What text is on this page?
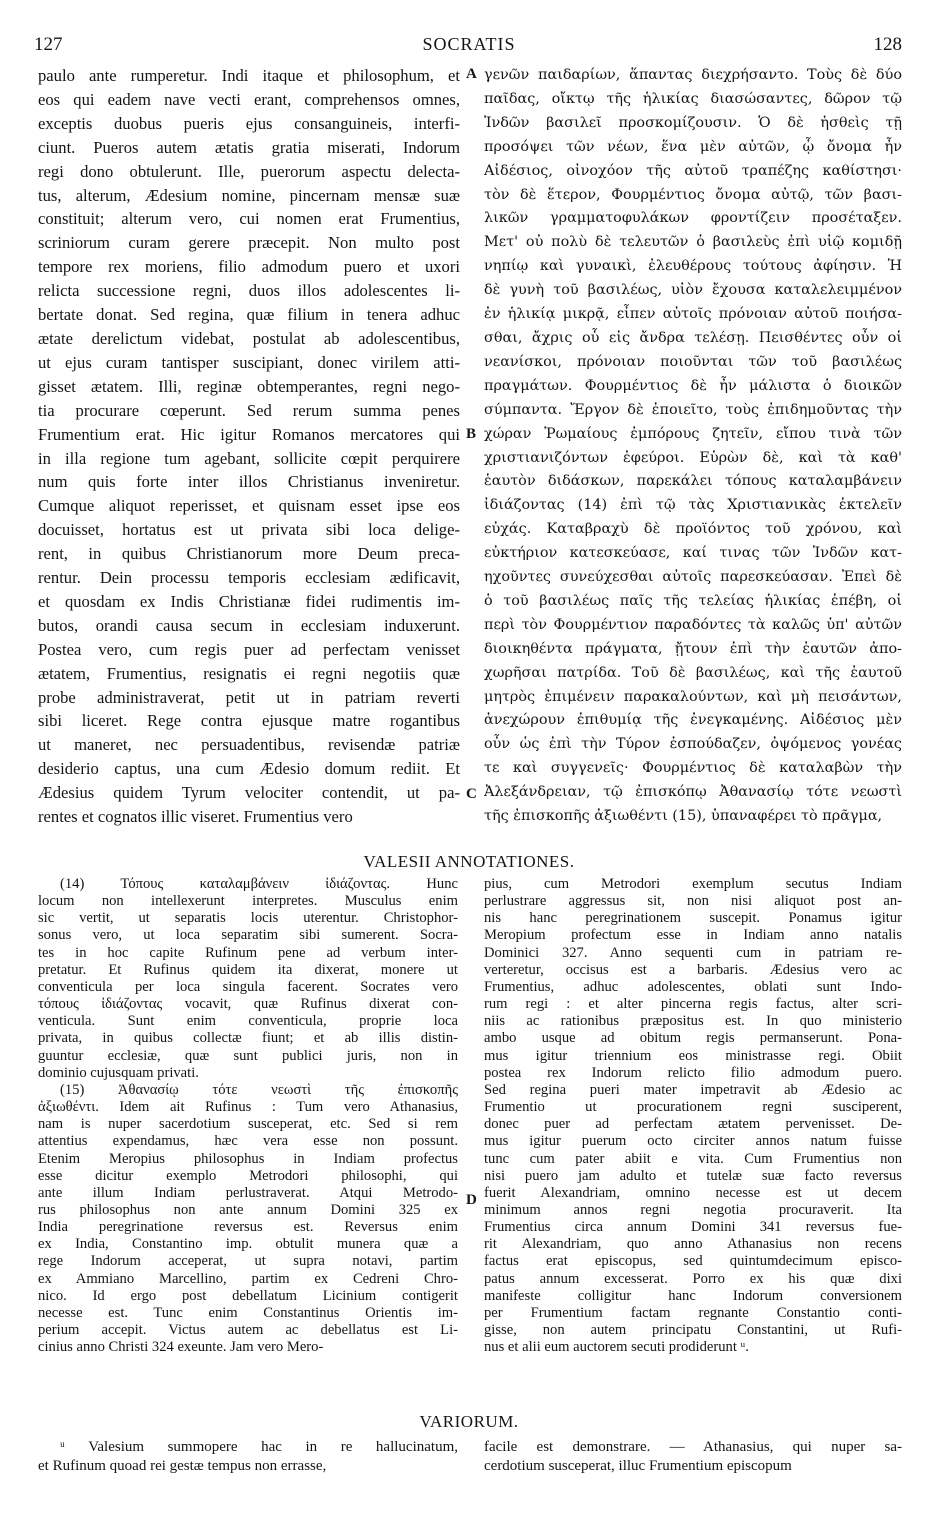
127	SOCRATIS	128
paulo ante rumperetur. Indi itaque et philosophum, et
eos qui eadem nave vecti erant, comprehensos omnes,
exceptis duobus pueris ejus consanguineis, interfi-
ciunt. Pueros autem ætatis gratia miserati, Indorum
regi dono obtulerunt. Ille, puerorum aspectu delecta-
tus, alterum, Ædesium nomine, pincernam mensæ suæ
constituit; alterum vero, cui nomen erat Frumentius,
scriniorum curam gerere præcepit. Non multo post
tempore rex moriens, filio admodum puero et uxori
relicta successione regni, duos illos adolescentes li-
bertate donat. Sed regina, quæ filium in tenera adhuc
ætate derelictum videbat, postulat ab adolescentibus,
ut ejus curam tantisper suscipiant, donec virilem atti-
gisset ætatem. Illi, reginæ obtemperantes, regni nego-
tia procurare cœperunt. Sed rerum summa penes
Frumentium erat. Hic igitur Romanos mercatores qui
in illa regione tum agebant, sollicite cœpit perquirere
num quis forte inter illos Christianus inveniretur.
Cumque aliquot reperisset, et quisnam esset ipse eos
docuisset, hortatus est ut privata sibi loca delige-
rent, in quibus Christianorum more Deum preca-
rentur. Dein processu temporis ecclesiam ædificavit,
et quosdam ex Indis Christianæ fidei rudimentis im-
butos, orandi causa secum in ecclesiam induxerunt.
Postea vero, cum regis puer ad perfectam venisset
ætatem, Frumentius, resignatis ei regni negotiis quæ
probe administraverat, petit ut in patriam reverti
sibi liceret. Rege contra ejusque matre rogantibus
ut maneret, nec persuadentibus, revisendæ patriæ
desiderio captus, una cum Ædesio domum rediit. Et
Ædesius quidem Tyrum velociter contendit, ut pa-
rentes et cognatos illic viseret. Frumentius vero
γενῶν παιδαρίων, ἅπαντας διεχρήσαντο. Τοὺς δὲ δύο
παῖδας, οἴκτῳ τῆς ἡλικίας διασώσαντες, δῶρον τῷ
Ἰνδῶν βασιλεῖ προσκομίζουσιν. Ὁ δὲ ἡσθεὶς τῇ
προσόψει τῶν νέων, ἕνα μὲν αὐτῶν, ᾧ ὄνομα ἦν
Αἰδέσιος, οἰνοχόον τῆς αὐτοῦ τραπέζης καθίστησι·
τὸν δὲ ἕτερον, Φουρμέντιος ὄνομα αὐτῷ, τῶν βασι-
λικῶν γραμματοφυλάκων φροντίζειν προσέταξεν.
Μετ' οὐ πολὺ δὲ τελευτῶν ὁ βασιλεὺς ἐπὶ υἱῷ κομιδῇ
νηπίῳ καὶ γυναικὶ, ἐλευθέρους τούτους ἀφίησιν. Ἡ
δὲ γυνὴ τοῦ βασιλέως, υἱὸν ἔχουσα καταλελειμμένον
ἐν ἡλικίᾳ μικρᾷ, εἶπεν αὐτοῖς πρόνοιαν αὐτοῦ ποιήσα-
σθαι, ἄχρις οὗ εἰς ἄνδρα τελέσῃ. Πεισθέντες οὖν οἱ
νεανίσκοι, πρόνοιαν ποιοῦνται τῶν τοῦ βασιλέως
πραγμάτων. Φουρμέντιος δὲ ἦν μάλιστα ὁ διοικῶν
σύμπαντα. Ἔργον δὲ ἐποιεῖτο, τοὺς ἐπιδημοῦντας τὴν
χώραν Ῥωμαίους ἐμπόρους ζητεῖν, εἴπου τινὰ τῶν
χριστιανιζόντων ἐφεύροι. Εὑρὼν δὲ, καὶ τὰ καθ'
ἑαυτὸν διδάσκων, παρεκάλει τόπους καταλαμβάνειν
ἰδιάζοντας (14) ἐπὶ τῷ τὰς Χριστιανικὰς ἐκτελεῖν
εὐχάς. Καταβραχὺ δὲ προϊόντος τοῦ χρόνου, καὶ
εὐκτήριον κατεσκεύασε, καί τινας τῶν Ἰνδῶν κατ-
ηχοῦντες συνεύχεσθαι αὐτοῖς παρεσκεύασαν. Ἐπεὶ δὲ
ὁ τοῦ βασιλέως παῖς τῆς τελείας ἡλικίας ἐπέβη, οἱ
περὶ τὸν Φουρμέντιον παραδόντες τὰ καλῶς ὑπ' αὐτῶν
διοικηθέντα πράγματα, ᾔτουν ἐπὶ τὴν ἑαυτῶν ἀπο-
χωρῆσαι πατρίδα. Τοῦ δὲ βασιλέως, καὶ τῆς ἑαυτοῦ
μητρὸς ἐπιμένειν παρακαλούντων, καὶ μὴ πεισάντων,
ἀνεχώρουν ἐπιθυμίᾳ τῆς ἐνεγκαμένης. Αἰδέσιος μὲν
οὖν ὡς ἐπὶ τὴν Τύρον ἐσπούδαζεν, ὀψόμενος γονέας
τε καὶ συγγενεῖς· Φουρμέντιος δὲ καταλαβὼν τὴν
Ἀλεξάνδρειαν, τῷ ἐπισκόπῳ Ἀθανασίῳ τότε νεωστὶ
τῆς ἐπισκοπῆς ἀξιωθέντι (15), ὑπαναφέρει τὸ πρᾶγμα,
A
B
C
D
VALESII ANNOTATIONES.
(14) Τόπους καταλαμβάνειν ἰδιάζοντας. Hunc
locum non intellexerunt interpretes. Musculus enim
sic vertit, ut separatis locis uterentur. Christophor-
sonus vero, ut loca separatim sibi sumerent. Socra-
tes in hoc capite Rufinum pene ad verbum inter-
pretatur. Et Rufinus quidem ita dixerat, monere ut
conventicula per loca singula facerent. Socrates vero
τόπους ἰδιάζοντας vocavit, quæ Rufinus dixerat con-
venticula. Sunt enim conventicula, proprie loca
privata, in quibus collectæ fiunt; et ab illis distin-
guuntur ecclesiæ, quæ sunt publici juris, non in
dominio cujusquam privati.
(15) Ἀθανασίῳ τότε νεωστὶ τῆς ἐπισκοπῆς
ἀξιωθέντι. Idem ait Rufinus : Tum vero Athanasius,
nam is nuper sacerdotium susceperat, etc. Sed si rem
attentius expendamus, hæc vera esse non possunt.
Etenim Meropius philosophus in Indiam profectus
esse dicitur exemplo Metrodori philosophi, qui
ante illum Indiam perlustraverat. Atqui Metrodo-
rus philosophus non ante annum Domini 325 ex
India peregrinatione reversus est. Reversus enim
ex India, Constantino imp. obtulit munera quæ a
rege Indorum acceperat, ut supra notavi, partim
ex Ammiano Marcellino, partim ex Cedreni Chro-
nico. Id ergo post debellatum Licinium contigerit
necesse est. Tunc enim Constantinus Orientis im-
perium accepit. Victus autem ac debellatus est Li-
cinius anno Christi 324 exeunte. Jam vero Mero-
pius, cum Metrodori exemplum secutus Indiam
perlustrare aggressus sit, non nisi aliquot post an-
nis hanc peregrinationem suscepit. Ponamus igitur
Meropium profectum esse in Indiam anno natalis
Dominici 327. Anno sequenti cum in patriam re-
verteretur, occisus est a barbaris. Ædesius vero ac
Frumentius, adhuc adolescentes, oblati sunt Indo-
rum regi : et alter pincerna regis factus, alter scri-
niis ac rationibus præpositus est. In quo ministerio
ambo usque ad obitum regis permanserunt. Pona-
mus igitur triennium eos ministrasse regi. Obiit
postea rex Indorum relicto filio admodum puero.
Sed regina pueri mater impetravit ab Ædesio ac
Frumentio ut procurationem regni susciperent,
donec puer ad perfectam ætatem pervenisset. De-
mus igitur puerum octo circiter annos natum fuisse
tunc cum pater abiit e vita. Cum Frumentius non
nisi puero jam adulto et tutelæ suæ facto reversus
fuerit Alexandriam, omnino necesse est ut decem
minimum annos regni negotia procuraverit. Ita
Frumentius circa annum Domini 341 reversus fue-
rit Alexandriam, quo anno Athanasius non recens
factus erat episcopus, sed quintumdecimum episco-
patus annum excesserat. Porro ex his quæ dixi
manifeste colligitur hanc Indorum conversionem
per Frumentium factam regnante Constantio conti-
gisse, non autem principatu Constantini, ut Rufi-
nus et alii eum auctorem secuti prodiderunt ᵘ.
VARIORUM.
ᵘ Valesium summopere hac in re hallucinatum,
et Rufinum quoad rei gestæ tempus non errasse,
facile est demonstrare. — Athanasius, qui nuper sa-
cerdotium susceperat, illuc Frumentium episcopum
